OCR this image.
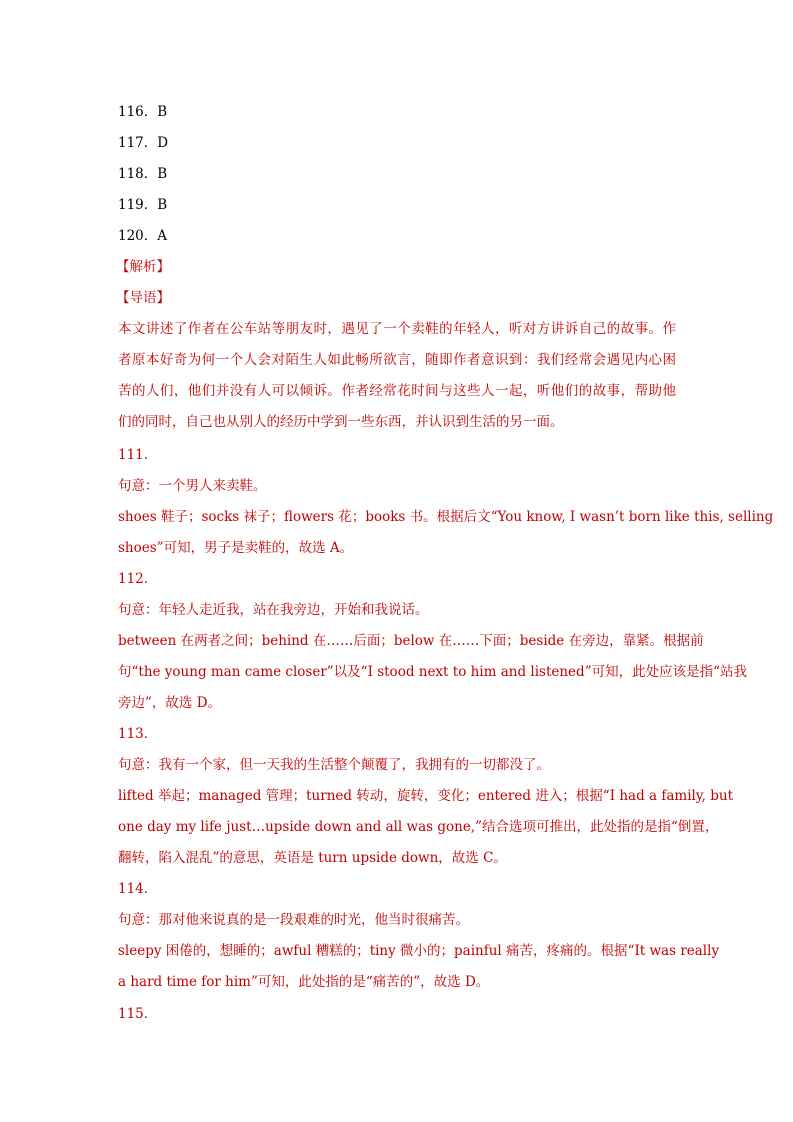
116．B
117．D
118．B
119．B
120．A
【解析】
【导语】
本文讲述了作者在公车站等朋友时，遇见了一个卖鞋的年轻人，听对方讲诉自己的故事。作
者原本好奇为何一个人会对陌生人如此畅所欲言，随即作者意识到：我们经常会遇见内心困
苦的人们，他们并没有人可以倾诉。作者经常花时间与这些人一起，听他们的故事，帮助他
们的同时，自己也从别人的经历中学到一些东西，并认识到生活的另一面。
111．
句意：一个男人来卖鞋。
shoes 鞋子；socks 袜子；flowers 花；books 书。根据后文“You know, I wasn’t born like this, selling
shoes”可知，男子是卖鞋的，故选 A。
112．
句意：年轻人走近我，站在我旁边，开始和我说话。
between 在两者之间；behind 在……后面；below 在……下面；beside 在旁边，靠紧。根据前
句“the young man came closer”以及“I stood next to him and listened”可知，此处应该是指“站我
旁边”，故选 D。
113．
句意：我有一个家，但一天我的生活整个颠覆了，我拥有的一切都没了。
lifted 举起；managed 管理；turned 转动，旋转，变化；entered 进入；根据“I had a family, but
one day my life just…upside down and all was gone,”结合选项可推出，此处指的是指“倒置，
翻转，陷入混乱”的意思，英语是 turn upside down，故选 C。
114．
句意：那对他来说真的是一段艰难的时光，他当时很痛苦。
sleepy 困倦的，想睡的；awful 糟糕的；tiny 微小的；painful 痛苦，疼痛的。根据“It was really
a hard time for him”可知，此处指的是“痛苦的”，故选 D。
115．
